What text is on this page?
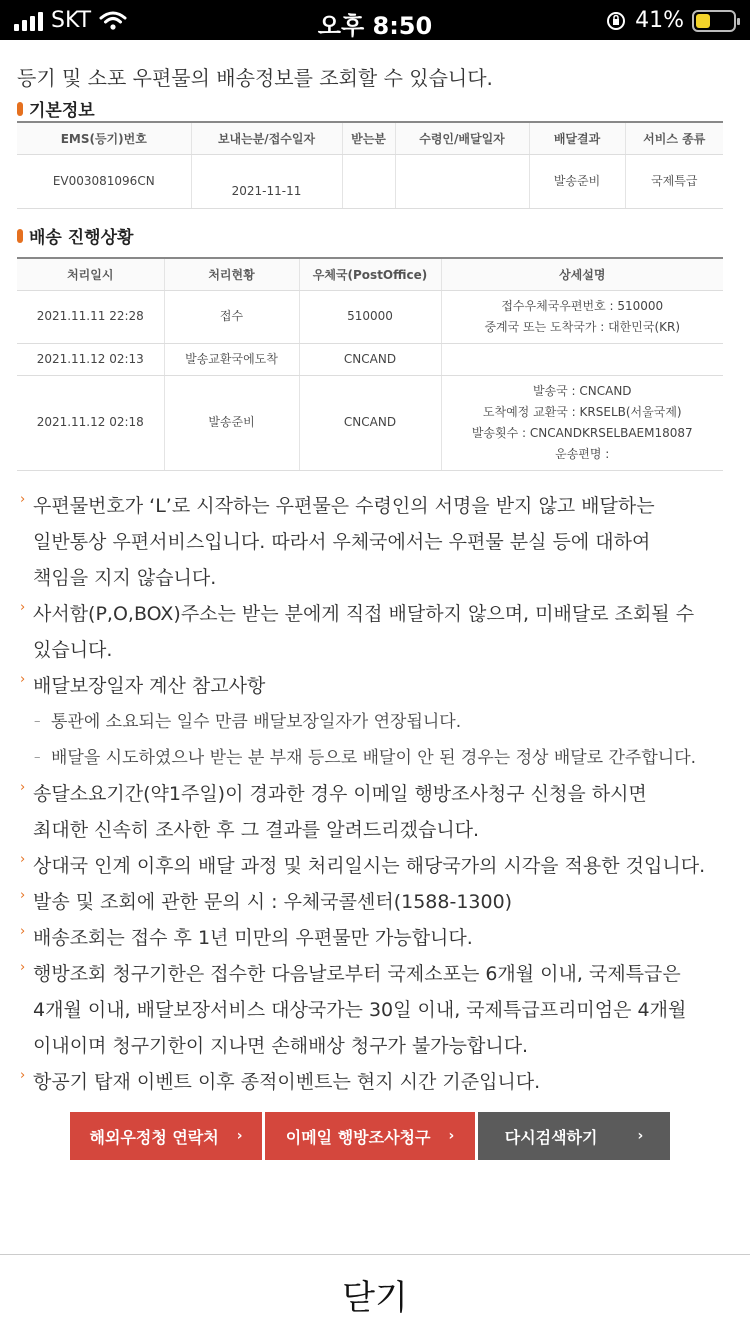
SKT	오후 8:50	41%
등기 및 소포 우편물의 배송정보를 조회할 수 있습니다.
기본정보
EMS(등기)번호	보내는분/접수일자	받는분	수령인/배달일자	배달결과	서비스 종류
EV003081096CN	2021-11-11			발송준비	국제특급
배송 진행상황
처리일시	처리현황	우체국(PostOffice)	상세설명
2021.11.11 22:28	접수	510000	접수우체국우편번호 : 510000
중계국 또는 도착국가 : 대한민국(KR)

2021.11.12 02:13	발송교환국에도착	CNCAND	
2021.11.12 02:18	발송준비	CNCAND	발송국 : CNCAND
도착예정 교환국 : KRSELB(서울국제)
발송횟수 : CNCANDKRSELBAEM18087
운송편명 :
› 우편물번호가 ‘L’로 시작하는 우편물은 수령인의 서명을 받지 않고 배달하는
일반통상 우편서비스입니다. 따라서 우체국에서는 우편물 분실 등에 대하여
책임을 지지 않습니다.
› 사서함(P,O,BOX)주소는 받는 분에게 직접 배달하지 않으며, 미배달로 조회될 수
있습니다.
› 배달보장일자 계산 참고사항
– 통관에 소요되는 일수 만큼 배달보장일자가 연장됩니다.
– 배달을 시도하였으나 받는 분 부재 등으로 배달이 안 된 경우는 정상 배달로 간주합니다.
› 송달소요기간(약1주일)이 경과한 경우 이메일 행방조사청구 신청을 하시면
최대한 신속히 조사한 후 그 결과를 알려드리겠습니다.
› 상대국 인계 이후의 배달 과정 및 처리일시는 해당국가의 시각을 적용한 것입니다.
› 발송 및 조회에 관한 문의 시 : 우체국콜센터(1588-1300)
› 배송조회는 접수 후 1년 미만의 우편물만 가능합니다.
› 행방조회 청구기한은 접수한 다음날로부터 국제소포는 6개월 이내, 국제특급은
4개월 이내, 배달보장서비스 대상국가는 30일 이내, 국제특급프리미엄은 4개월
이내이며 청구기한이 지나면 손해배상 청구가 불가능합니다.
› 항공기 탑재 이벤트 이후 종적이벤트는 현지 시간 기준입니다.
해외우정청 연락처 ›	이메일 행방조사청구 ›	다시검색하기	›
닫기
